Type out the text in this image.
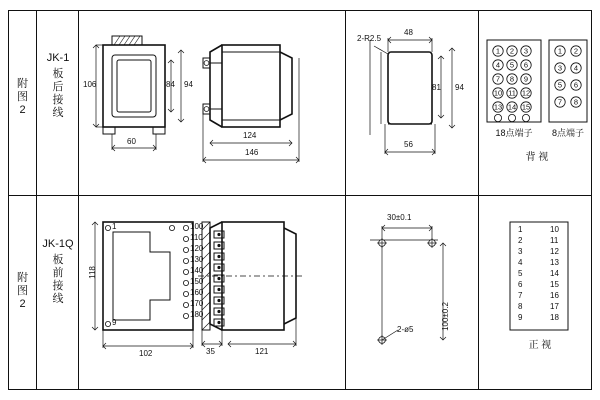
附
图
2
JK-1
板
后
接
线
1 2 3
4 5 6
7 8 9
10 11 12
13 14 15
1 2
3 4
5 6
7 8
106	84 94
60
124
146
2-R2.5
48
81 94
56
18点端子	8点端子
背 视
附
图
2
JK-1Q
板
前
接
线
1	10
2	11
3	12
4	13
5	14
6	15
7	16
8	17
9	18
118
102
1
9
100
110
120
130
140
150
160
170
180
35	121
30±0.1
100±0.2
2-ø5
正 视
